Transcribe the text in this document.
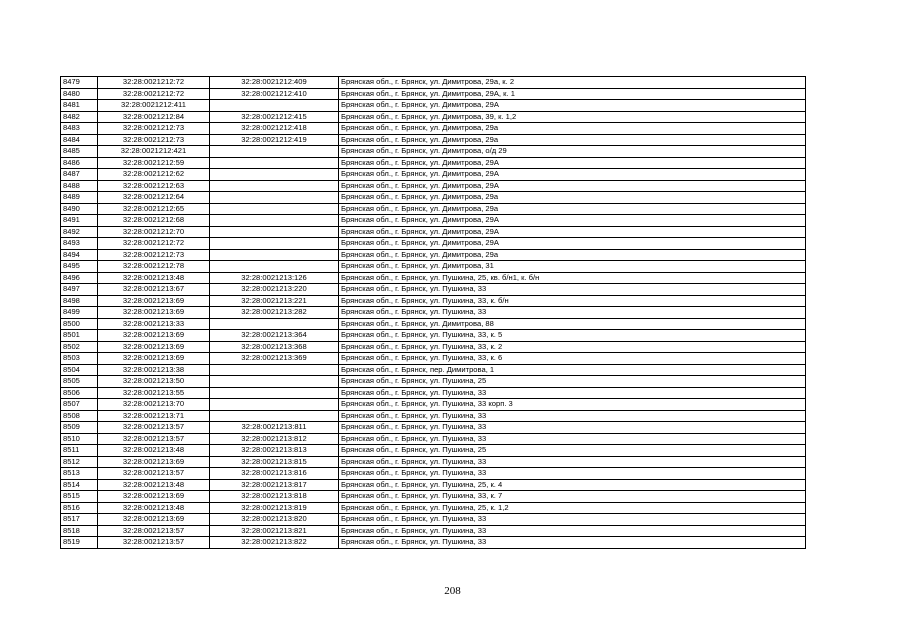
8479	32:28:0021212:72	32:28:0021212:409	Брянская обл., г. Брянск, ул. Димитрова, 29а, к. 2
8480	32:28:0021212:72	32:28:0021212:410	Брянская обл., г. Брянск, ул. Димитрова, 29А, к. 1
8481	32:28:0021212:411		Брянская обл., г. Брянск, ул. Димитрова, 29А
8482	32:28:0021212:84	32:28:0021212:415	Брянская обл., г. Брянск, ул. Димитрова, 39, к. 1,2
8483	32:28:0021212:73	32:28:0021212:418	Брянская обл., г. Брянск, ул. Димитрова, 29а
8484	32:28:0021212:73	32:28:0021212:419	Брянская обл., г. Брянск, ул. Димитрова, 29а
8485	32:28:0021212:421		Брянская обл., г. Брянск, ул. Димитрова, о/д 29
8486	32:28:0021212:59		Брянская обл., г. Брянск, ул. Димитрова, 29А
8487	32:28:0021212:62		Брянская обл., г. Брянск, ул. Димитрова, 29А
8488	32:28:0021212:63		Брянская обл., г. Брянск, ул. Димитрова, 29А
8489	32:28:0021212:64		Брянская обл., г. Брянск, ул. Димитрова, 29а
8490	32:28:0021212:65		Брянская обл., г. Брянск, ул. Димитрова, 29а
8491	32:28:0021212:68		Брянская обл., г. Брянск, ул. Димитрова, 29А
8492	32:28:0021212:70		Брянская обл., г. Брянск, ул. Димитрова, 29А
8493	32:28:0021212:72		Брянская обл., г. Брянск, ул. Димитрова, 29А
8494	32:28:0021212:73		Брянская обл., г. Брянск, ул. Димитрова, 29а
8495	32:28:0021212:78		Брянская обл., г. Брянск, ул. Димитрова, 31
8496	32:28:0021213:48	32:28:0021213:126	Брянская обл., г. Брянск, ул. Пушкина, 25, кв. б/н1, к. б/н
8497	32:28:0021213:67	32:28:0021213:220	Брянская обл., г. Брянск, ул. Пушкина, 33
8498	32:28:0021213:69	32:28:0021213:221	Брянская обл., г. Брянск, ул. Пушкина, 33, к. б/н
8499	32:28:0021213:69	32:28:0021213:282	Брянская обл., г. Брянск, ул. Пушкина, 33
8500	32:28:0021213:33		Брянская обл., г. Брянск, ул. Димитрова, 88
8501	32:28:0021213:69	32:28:0021213:364	Брянская обл., г. Брянск, ул. Пушкина, 33, к. 5
8502	32:28:0021213:69	32:28:0021213:368	Брянская обл., г. Брянск, ул. Пушкина, 33, к. 2
8503	32:28:0021213:69	32:28:0021213:369	Брянская обл., г. Брянск, ул. Пушкина, 33, к. 6
8504	32:28:0021213:38		Брянская обл., г. Брянск, пер. Димитрова, 1
8505	32:28:0021213:50		Брянская обл., г. Брянск, ул. Пушкина, 25
8506	32:28:0021213:55		Брянская обл., г. Брянск, ул. Пушкина, 33
8507	32:28:0021213:70		Брянская обл., г. Брянск, ул. Пушкина, 33 корп. 3
8508	32:28:0021213:71		Брянская обл., г. Брянск, ул. Пушкина, 33
8509	32:28:0021213:57	32:28:0021213:811	Брянская обл., г. Брянск, ул. Пушкина, 33
8510	32:28:0021213:57	32:28:0021213:812	Брянская обл., г. Брянск, ул. Пушкина, 33
8511	32:28:0021213:48	32:28:0021213:813	Брянская обл., г. Брянск, ул. Пушкина, 25
8512	32:28:0021213:69	32:28:0021213:815	Брянская обл., г. Брянск, ул. Пушкина, 33
8513	32:28:0021213:57	32:28:0021213:816	Брянская обл., г. Брянск, ул. Пушкина, 33
8514	32:28:0021213:48	32:28:0021213:817	Брянская обл., г. Брянск, ул. Пушкина, 25, к. 4
8515	32:28:0021213:69	32:28:0021213:818	Брянская обл., г. Брянск, ул. Пушкина, 33, к. 7
8516	32:28:0021213:48	32:28:0021213:819	Брянская обл., г. Брянск, ул. Пушкина, 25, к. 1,2
8517	32:28:0021213:69	32:28:0021213:820	Брянская обл., г. Брянск, ул. Пушкина, 33
8518	32:28:0021213:57	32:28:0021213:821	Брянская обл., г. Брянск, ул. Пушкина, 33
8519	32:28:0021213:57	32:28:0021213:822	Брянская обл., г. Брянск, ул. Пушкина, 33
208
